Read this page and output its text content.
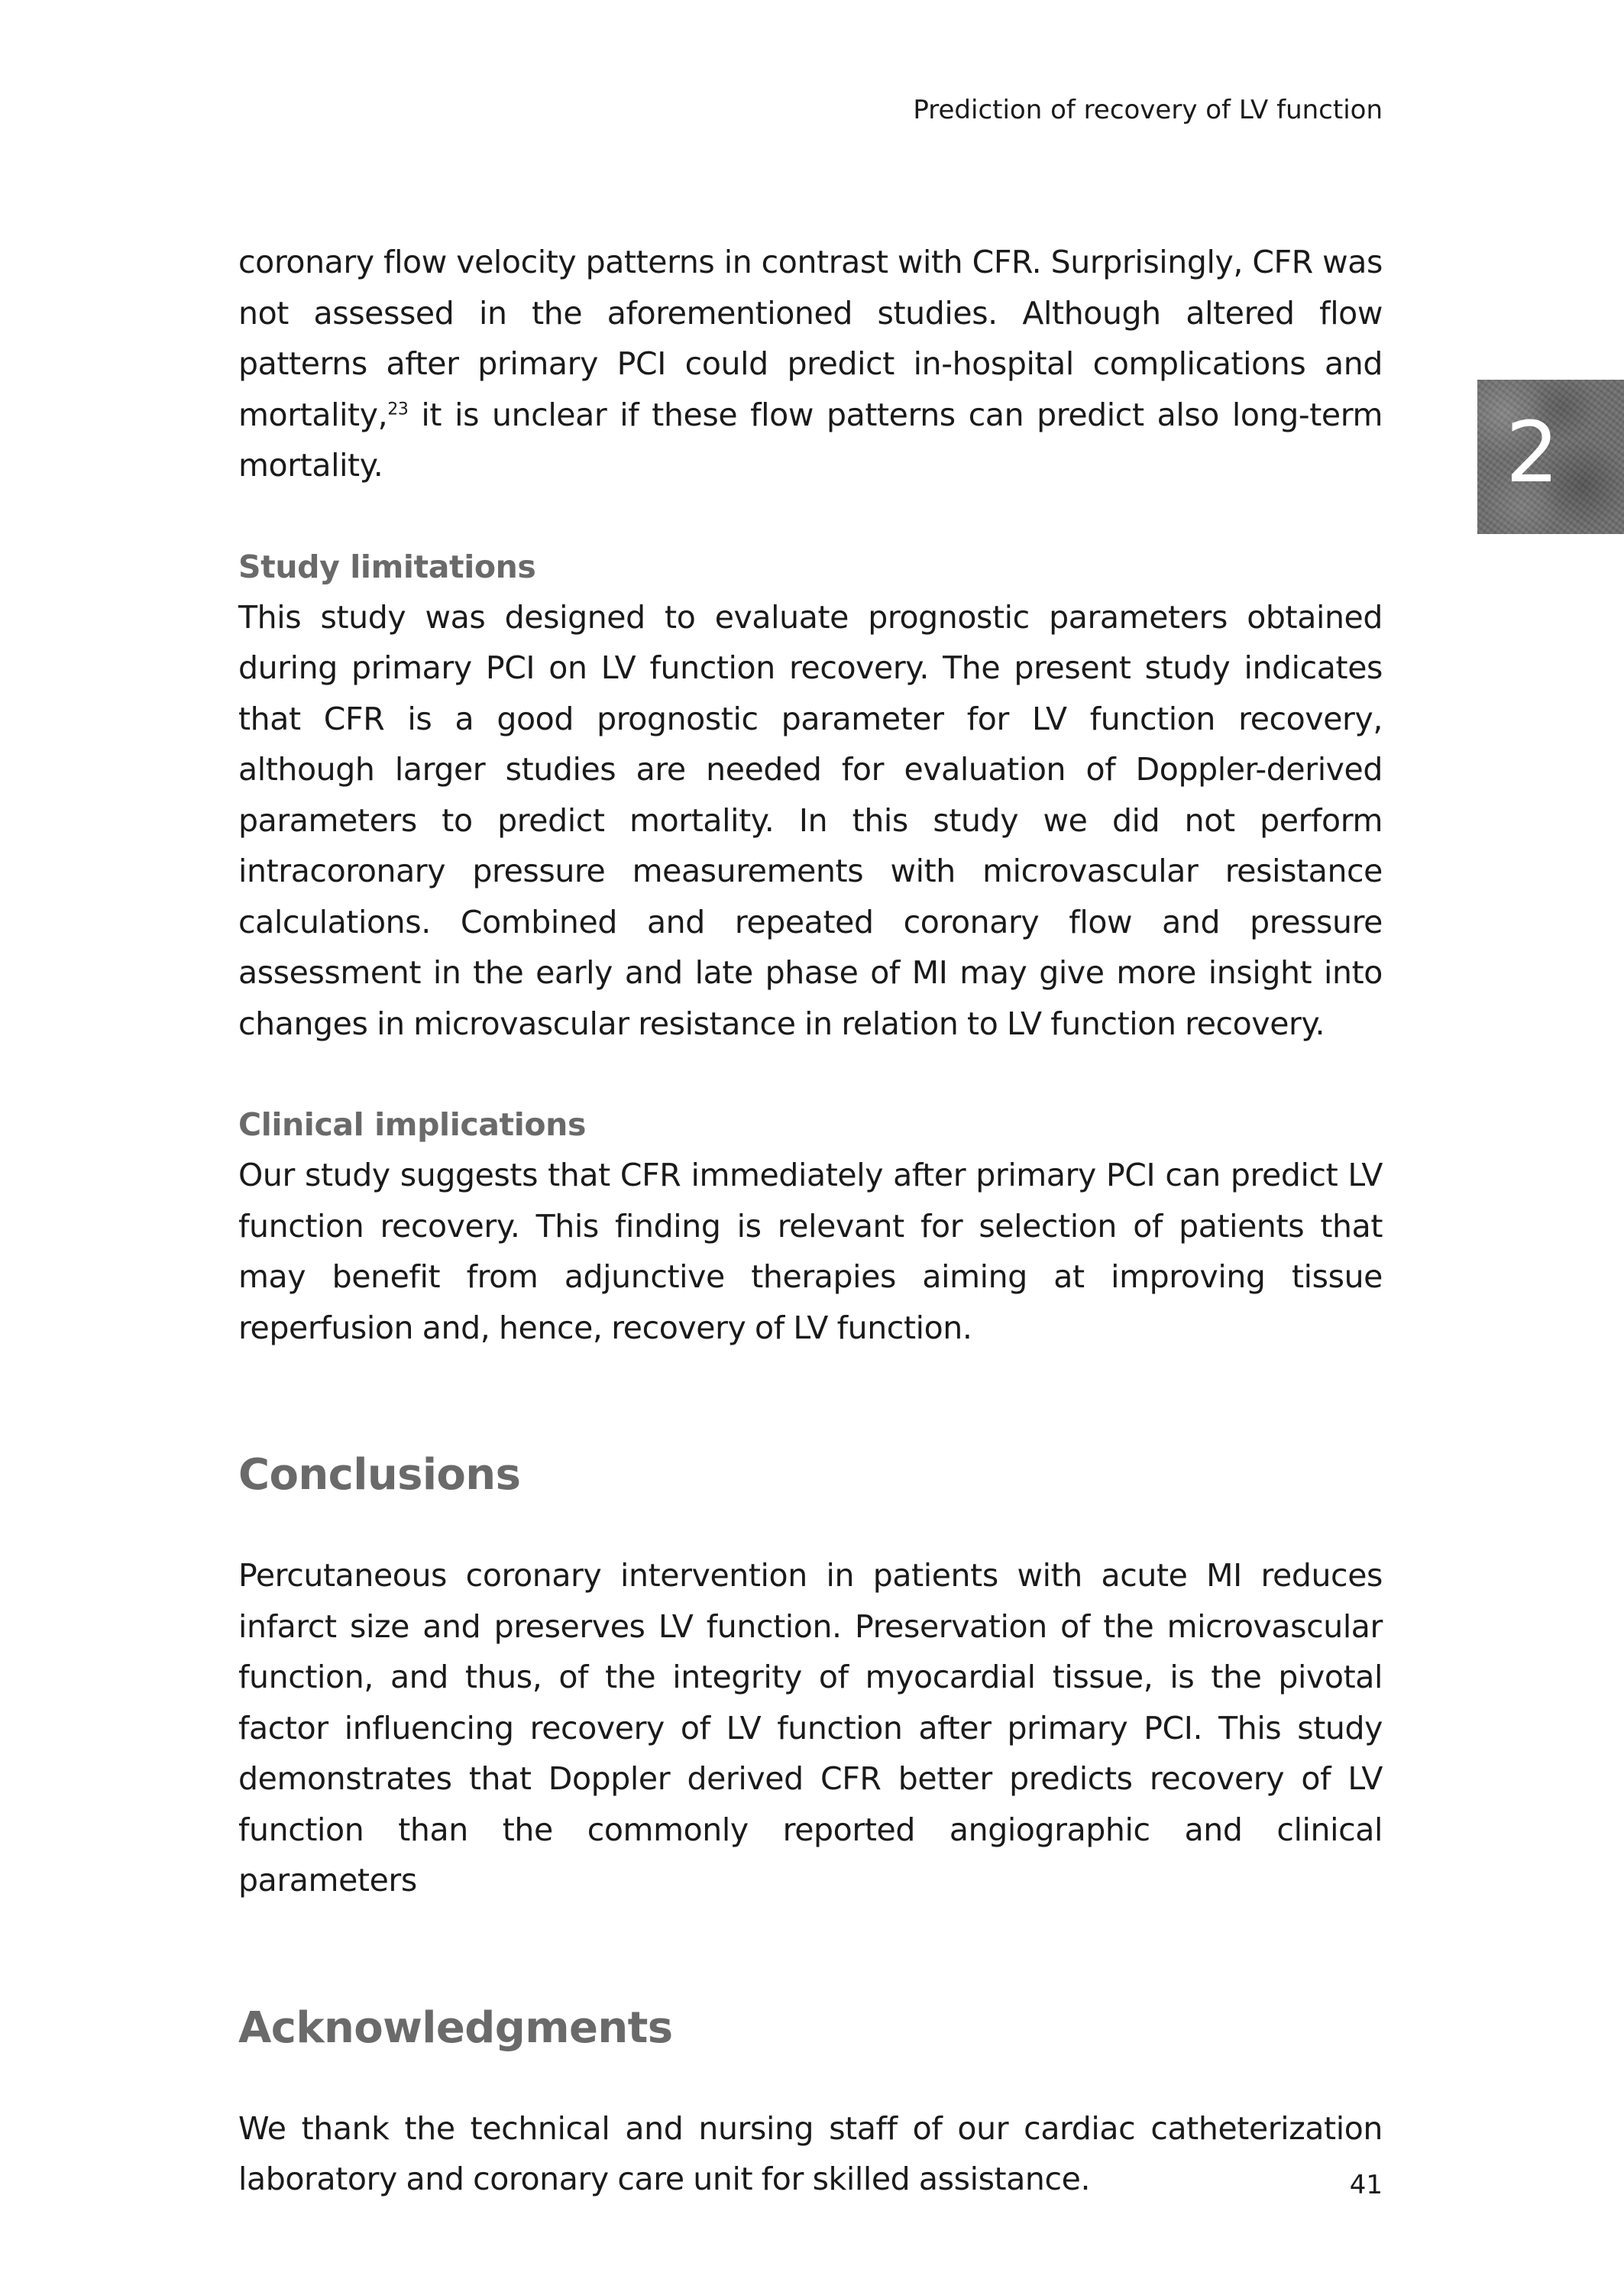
Prediction of recovery of LV function
2

coronary flow velocity patterns in contrast with CFR. Surprisingly, CFR was not assessed in the aforementioned studies. Although altered flow patterns after primary PCI could predict in-hospital complications and mortality,$^{23}$ it is unclear if these flow patterns can predict also long-term mortality.

Study limitations

This study was designed to evaluate prognostic parameters obtained during primary PCI on LV function recovery. The present study indicates that CFR is a good prognostic parameter for LV function recovery, although larger studies are needed for evaluation of Doppler-derived parameters to predict mortality. In this study we did not perform intracoronary pressure measurements with microvascular resistance calculations. Combined and repeated coronary flow and pressure assessment in the early and late phase of MI may give more insight into changes in microvascular resistance in relation to LV function recovery.

Clinical implications

Our study suggests that CFR immediately after primary PCI can predict LV function recovery. This finding is relevant for selection of patients that may benefit from adjunctive therapies aiming at improving tissue reperfusion and, hence, recovery of LV function.

Conclusions

Percutaneous coronary intervention in patients with acute MI reduces infarct size and preserves LV function. Preservation of the microvascular function, and thus, of the integrity of myocardial tissue, is the pivotal factor influencing recovery of LV function after primary PCI. This study demonstrates that Doppler derived CFR better predicts recovery of LV function than the commonly reported angiographic and clinical parameters

Acknowledgments

We thank the technical and nursing staff of our cardiac catheterization laboratory and coronary care unit for skilled assistance.	41
